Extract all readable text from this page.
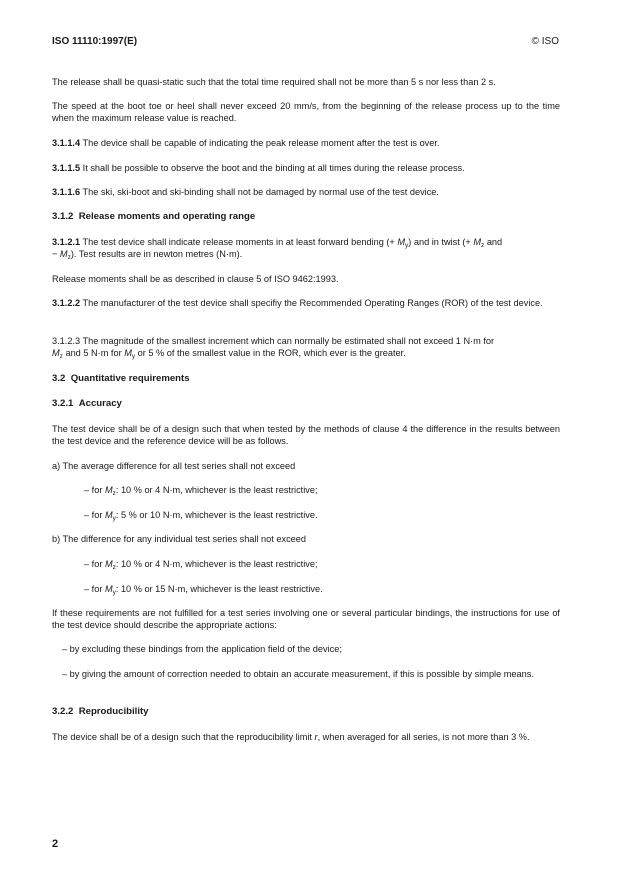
ISO 11110:1997(E)	© ISO
The release shall be quasi-static such that the total time required shall not be more than 5 s nor less than 2 s.
The speed at the boot toe or heel shall never exceed 20 mm/s, from the beginning of the release process up to the time when the maximum release value is reached.
3.1.1.4 The device shall be capable of indicating the peak release moment after the test is over.
3.1.1.5 It shall be possible to observe the boot and the binding at all times during the release process.
3.1.1.6 The ski, ski-boot and ski-binding shall not be damaged by normal use of the test device.
3.1.2 Release moments and operating range
3.1.2.1 The test device shall indicate release moments in at least forward bending (+ $M_y$) and in twist (+ $M_z$ and
− $M_z$). Test results are in newton metres (N·m).
Release moments shall be as described in clause 5 of ISO 9462:1993.
3.1.2.2 The manufacturer of the test device shall specifiy the Recommended Operating Ranges (ROR) of the test device.
3.1.2.3 The magnitude of the smallest increment which can normally be estimated shall not exceed 1 N·m for
$M_z$ and 5 N·m for $M_y$ or 5 % of the smallest value in the ROR, which ever is the greater.
3.2 Quantitative requirements
3.2.1 Accuracy
The test device shall be of a design such that when tested by the methods of clause 4 the difference in the results between the test device and the reference device will be as follows.
a) The average difference for all test series shall not exceed
– for $M_z$: 10 % or 4 N·m, whichever is the least restrictive;
– for $M_y$: 5 % or 10 N·m, whichever is the least restrictive.
b) The difference for any individual test series shall not exceed
– for $M_z$: 10 % or 4 N·m, whichever is the least restrictive;
– for $M_y$: 10 % or 15 N·m, whichever is the least restrictive.
If these requirements are not fulfilled for a test series involving one or several particular bindings, the instructions for use of the test device should describe the appropriate actions:
– by excluding these bindings from the application field of the device;
– by giving the amount of correction needed to obtain an accurate measurement, if this is possible by simple means.
3.2.2 Reproducibility
The device shall be of a design such that the reproducibility limit r, when averaged for all series, is not more than 3 %.
2
